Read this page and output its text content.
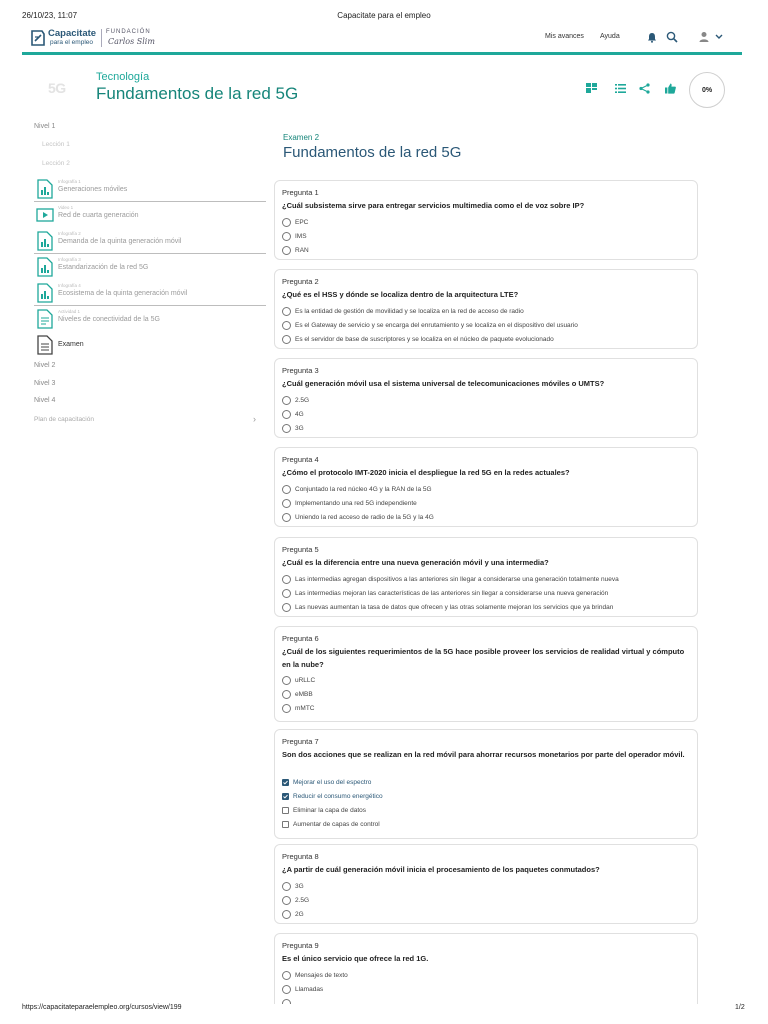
26/10/23, 11:07	Capacitate para el empleo
Capacitate
para el empleo
FUNDACIÓN
Carlos Slim
Mis avances Ayuda
5G
Tecnología
Fundamentos de la red 5G	0%
Nivel 1
Lección 1
Lección 2
Infografía 1
Generaciones móviles
Video 1
Red de cuarta generación
Infografía 2
Demanda de la quinta generación móvil
Infografía 3
Estandarización de la red 5G
Infografía 4
Ecosistema de la quinta generación móvil
Actividad 1
Niveles de conectividad de la 5G
Examen
Nivel 2
Nivel 3
Nivel 4
Plan de capacitación	›
Examen 2
Fundamentos de la red 5G
Pregunta 1
¿Cuál subsistema sirve para entregar servicios multimedia como el de voz sobre IP?
EPC
IMS
RAN
Pregunta 2
¿Qué es el HSS y dónde se localiza dentro de la arquitectura LTE?
Es la entidad de gestión de movilidad y se localiza en la red de acceso de radio
Es el Gateway de servicio y se encarga del enrutamiento y se localiza en el dispositivo del usuario
Es el servidor de base de suscriptores y se localiza en el núcleo de paquete evolucionado
Pregunta 3
¿Cuál generación móvil usa el sistema universal de telecomunicaciones móviles o UMTS?
2.5G
4G
3G
Pregunta 4
¿Cómo el protocolo IMT-2020 inicia el despliegue la red 5G en la redes actuales?
Conjuntado la red núcleo 4G y la RAN de la 5G
Implementando una red 5G independiente
Uniendo la red acceso de radio de la 5G y la 4G
Pregunta 5
¿Cuál es la diferencia entre una nueva generación móvil y una intermedia?
Las intermedias agregan dispositivos a las anteriores sin llegar a considerarse una generación totalmente nueva
Las intermedias mejoran las características de las anteriores sin llegar a considerarse una nueva generación
Las nuevas aumentan la tasa de datos que ofrecen y las otras solamente mejoran los servicios que ya brindan
Pregunta 6
¿Cuál de los siguientes requerimientos de la 5G hace posible proveer los servicios de realidad virtual y cómputo en la nube?
uRLLC
eMBB
mMTC
Pregunta 7
Son dos acciones que se realizan en la red móvil para ahorrar recursos monetarios por parte del operador móvil.
Mejorar el uso del espectro
Reducir el consumo energético
Eliminar la capa de datos
Aumentar de capas de control
Pregunta 8
¿A partir de cuál generación móvil inicia el procesamiento de los paquetes conmutados?
3G
2.5G
2G
Pregunta 9
Es el único servicio que ofrece la red 1G.
Mensajes de texto
Llamadas
https://capacitateparaelempleo.org/cursos/view/199	1/2
